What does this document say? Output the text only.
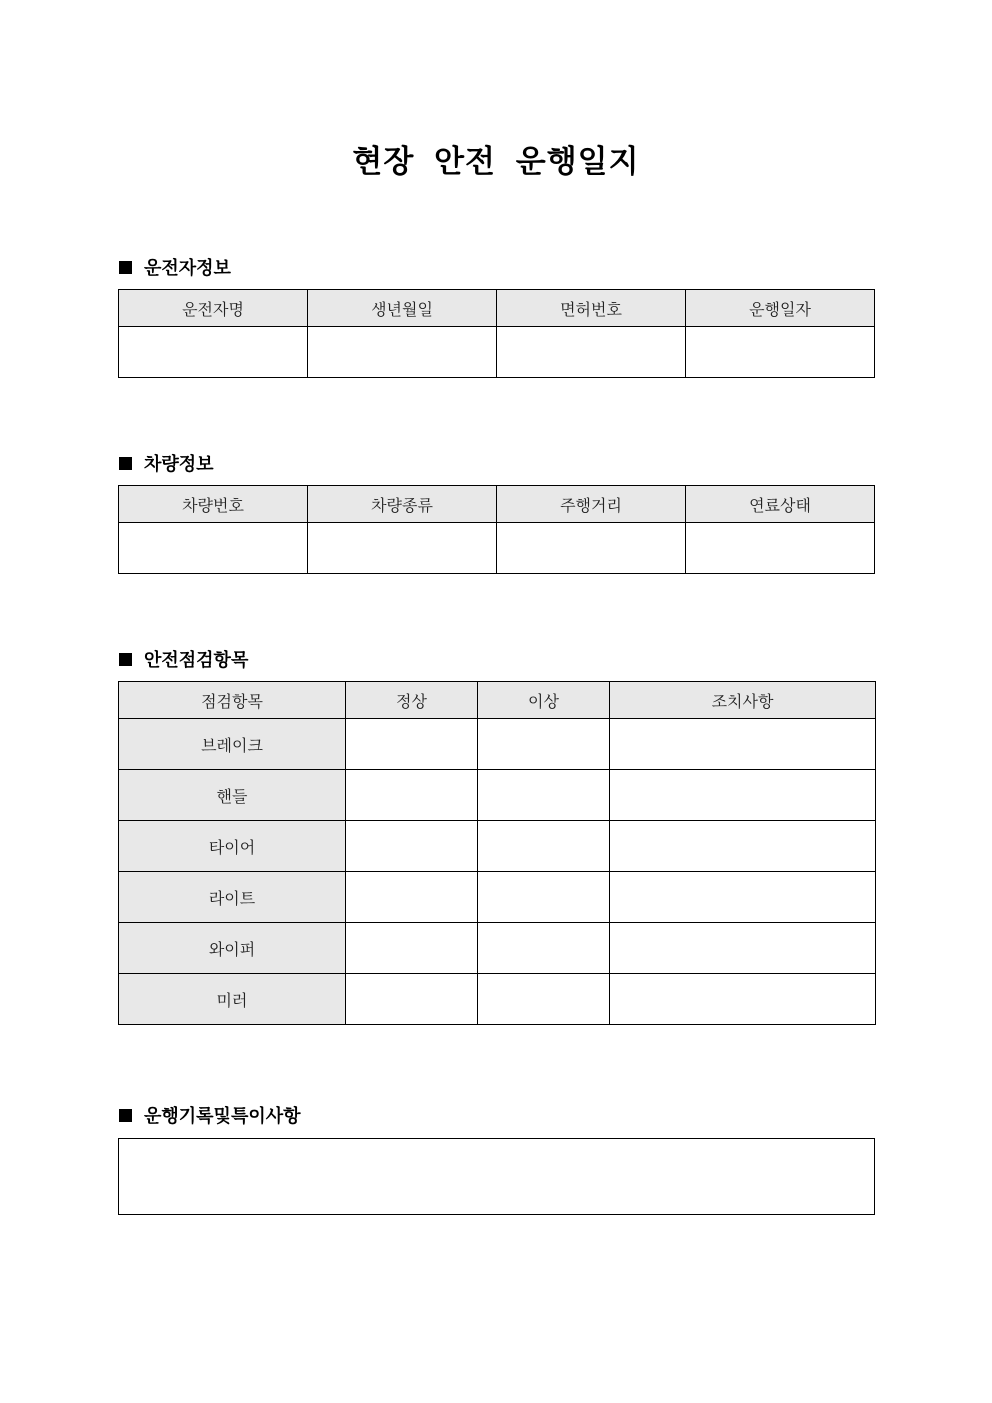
현장 안전 운행일지
운전자정보
운전자명	생년월일	면허번호	운행일자

차량정보
차량번호	차량종류	주행거리	연료상태

안전점검항목
점검항목	정상	이상	조치사항
브레이크			
핸들			
타이어			
라이트			
와이퍼			
미러			
운행기록및특이사항
